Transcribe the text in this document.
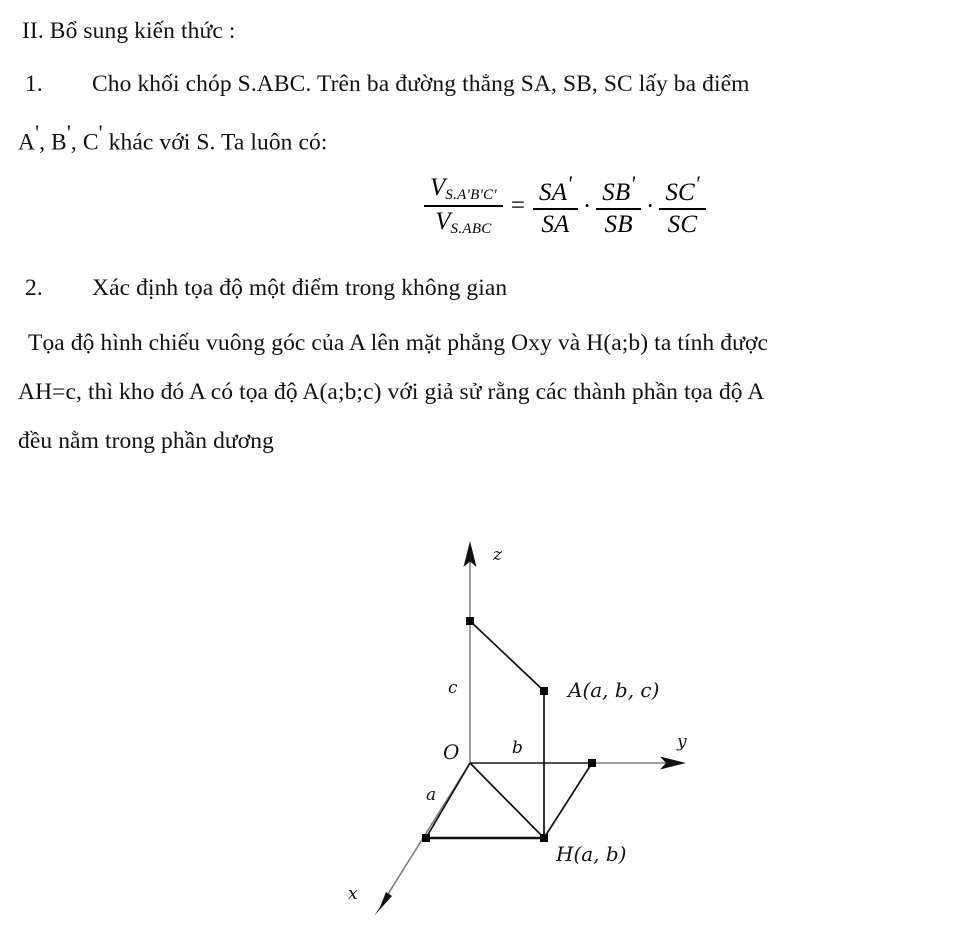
II. Bổ sung kiến thức :
1. Cho khối chóp S.ABC. Trên ba đường thẳng SA, SB, SC lấy ba điểm
A', B', C' khác với S. Ta luôn có:
2. Xác định tọa độ một điểm trong không gian
Tọa độ hình chiếu vuông góc của A lên mặt phẳng Oxy và H(a;b) ta tính được
AH=c, thì kho đó A có tọa độ A(a;b;c) với giả sử rằng các thành phần tọa độ A
đều nằm trong phần dương
$\frac{V_{S.A'B'C'}}{V_{S.ABC}} = \frac{SA'}{SA} \cdot \frac{SB'}{SB} \cdot \frac{SC'}{SC}$
z
y
x
O
c
b
a
A(a, b, c)
H(a, b)
